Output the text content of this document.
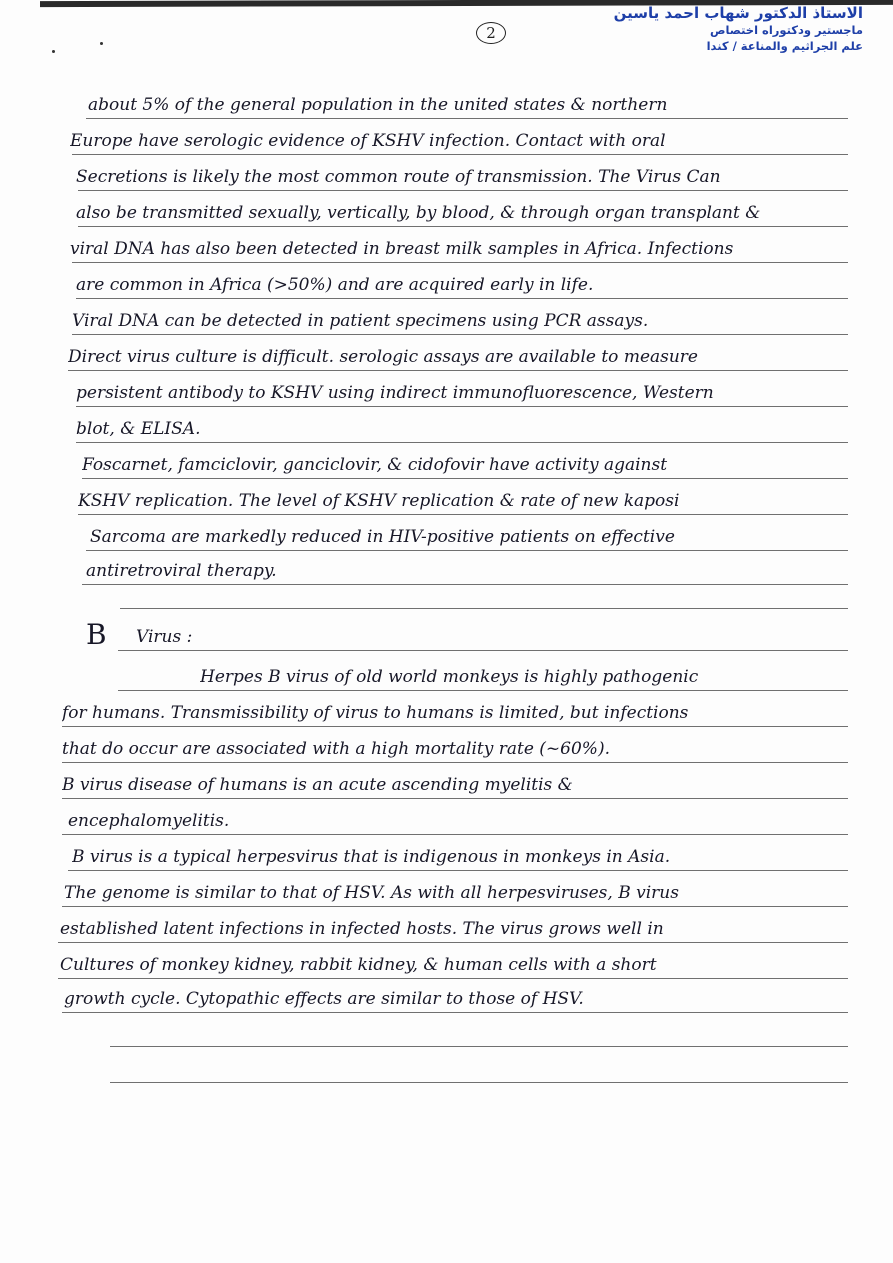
الاستاذ الدكتور شهاب احمد ياسين
ماجستير ودكتوراه اختصاص
علم الجراثيم والمناعة / كندا
2
about 5% of the general population in the united states & northern
Europe have serologic evidence of KSHV infection. Contact with oral
Secretions is likely the most common route of transmission. The Virus Can
also be transmitted sexually, vertically, by blood, & through organ transplant &
viral DNA has also been detected in breast milk samples in Africa. Infections
are common in Africa (>50%) and are acquired early in life.
Viral DNA can be detected in patient specimens using PCR assays.
Direct virus culture is difficult. serologic assays are available to measure
persistent antibody to KSHV using indirect immunofluorescence, Western
blot, & ELISA.
Foscarnet, famciclovir, ganciclovir, & cidofovir have activity against
KSHV replication. The level of KSHV replication & rate of new kaposi
Sarcoma are markedly reduced in HIV-positive patients on effective
antiretroviral therapy.
B Virus :
Herpes B virus of old world monkeys is highly pathogenic
for humans. Transmissibility of virus to humans is limited, but infections
that do occur are associated with a high mortality rate (~60%).
B virus disease of humans is an acute ascending myelitis &
encephalomyelitis.
B virus is a typical herpesvirus that is indigenous in monkeys in Asia.
The genome is similar to that of HSV. As with all herpesviruses, B virus
established latent infections in infected hosts. The virus grows well in
Cultures of monkey kidney, rabbit kidney, & human cells with a short
growth cycle. Cytopathic effects are similar to those of HSV.
